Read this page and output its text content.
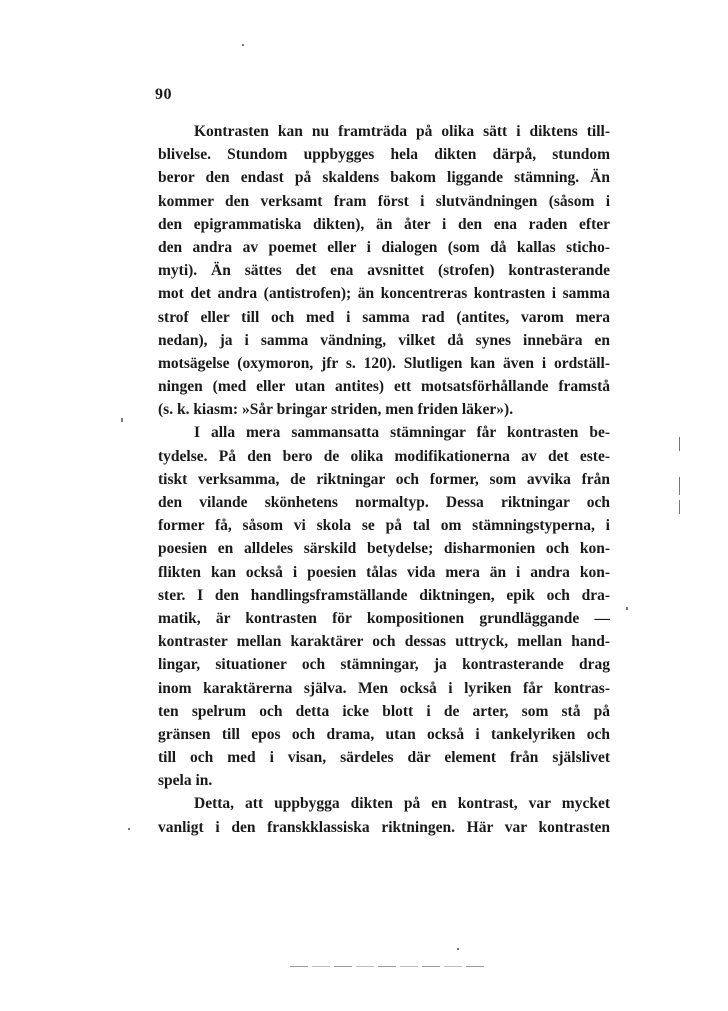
90
Kontrasten kan nu framträda på olika sätt i diktens till-
blivelse. Stundom uppbygges hela dikten därpå, stundom
beror den endast på skaldens bakom liggande stämning. Än
kommer den verksamt fram först i slutvändningen (såsom i
den epigrammatiska dikten), än åter i den ena raden efter
den andra av poemet eller i dialogen (som då kallas sticho-
myti). Än sättes det ena avsnittet (strofen) kontrasterande
mot det andra (antistrofen); än koncentreras kontrasten i samma
strof eller till och med i samma rad (antites, varom mera
nedan), ja i samma vändning, vilket då synes innebära en
motsägelse (oxymoron, jfr s. 120). Slutligen kan även i ordställ-
ningen (med eller utan antites) ett motsatsförhållande framstå
(s. k. kiasm: »Sår bringar striden, men friden läker»).
I alla mera sammansatta stämningar får kontrasten be-
tydelse. På den bero de olika modifikationerna av det este-
tiskt verksamma, de riktningar och former, som avvika från
den vilande skönhetens normaltyp. Dessa riktningar och
former få, såsom vi skola se på tal om stämningstyperna, i
poesien en alldeles särskild betydelse; disharmonien och kon-
flikten kan också i poesien tålas vida mera än i andra kon-
ster. I den handlingsframställande diktningen, epik och dra-
matik, är kontrasten för kompositionen grundläggande —
kontraster mellan karaktärer och dessas uttryck, mellan hand-
lingar, situationer och stämningar, ja kontrasterande drag
inom karaktärerna själva. Men också i lyriken får kontras-
ten spelrum och detta icke blott i de arter, som stå på
gränsen till epos och drama, utan också i tankelyriken och
till och med i visan, särdeles där element från själslivet
spela in.
Detta, att uppbygga dikten på en kontrast, var mycket
vanligt i den franskklassiska riktningen. Här var kontrasten
